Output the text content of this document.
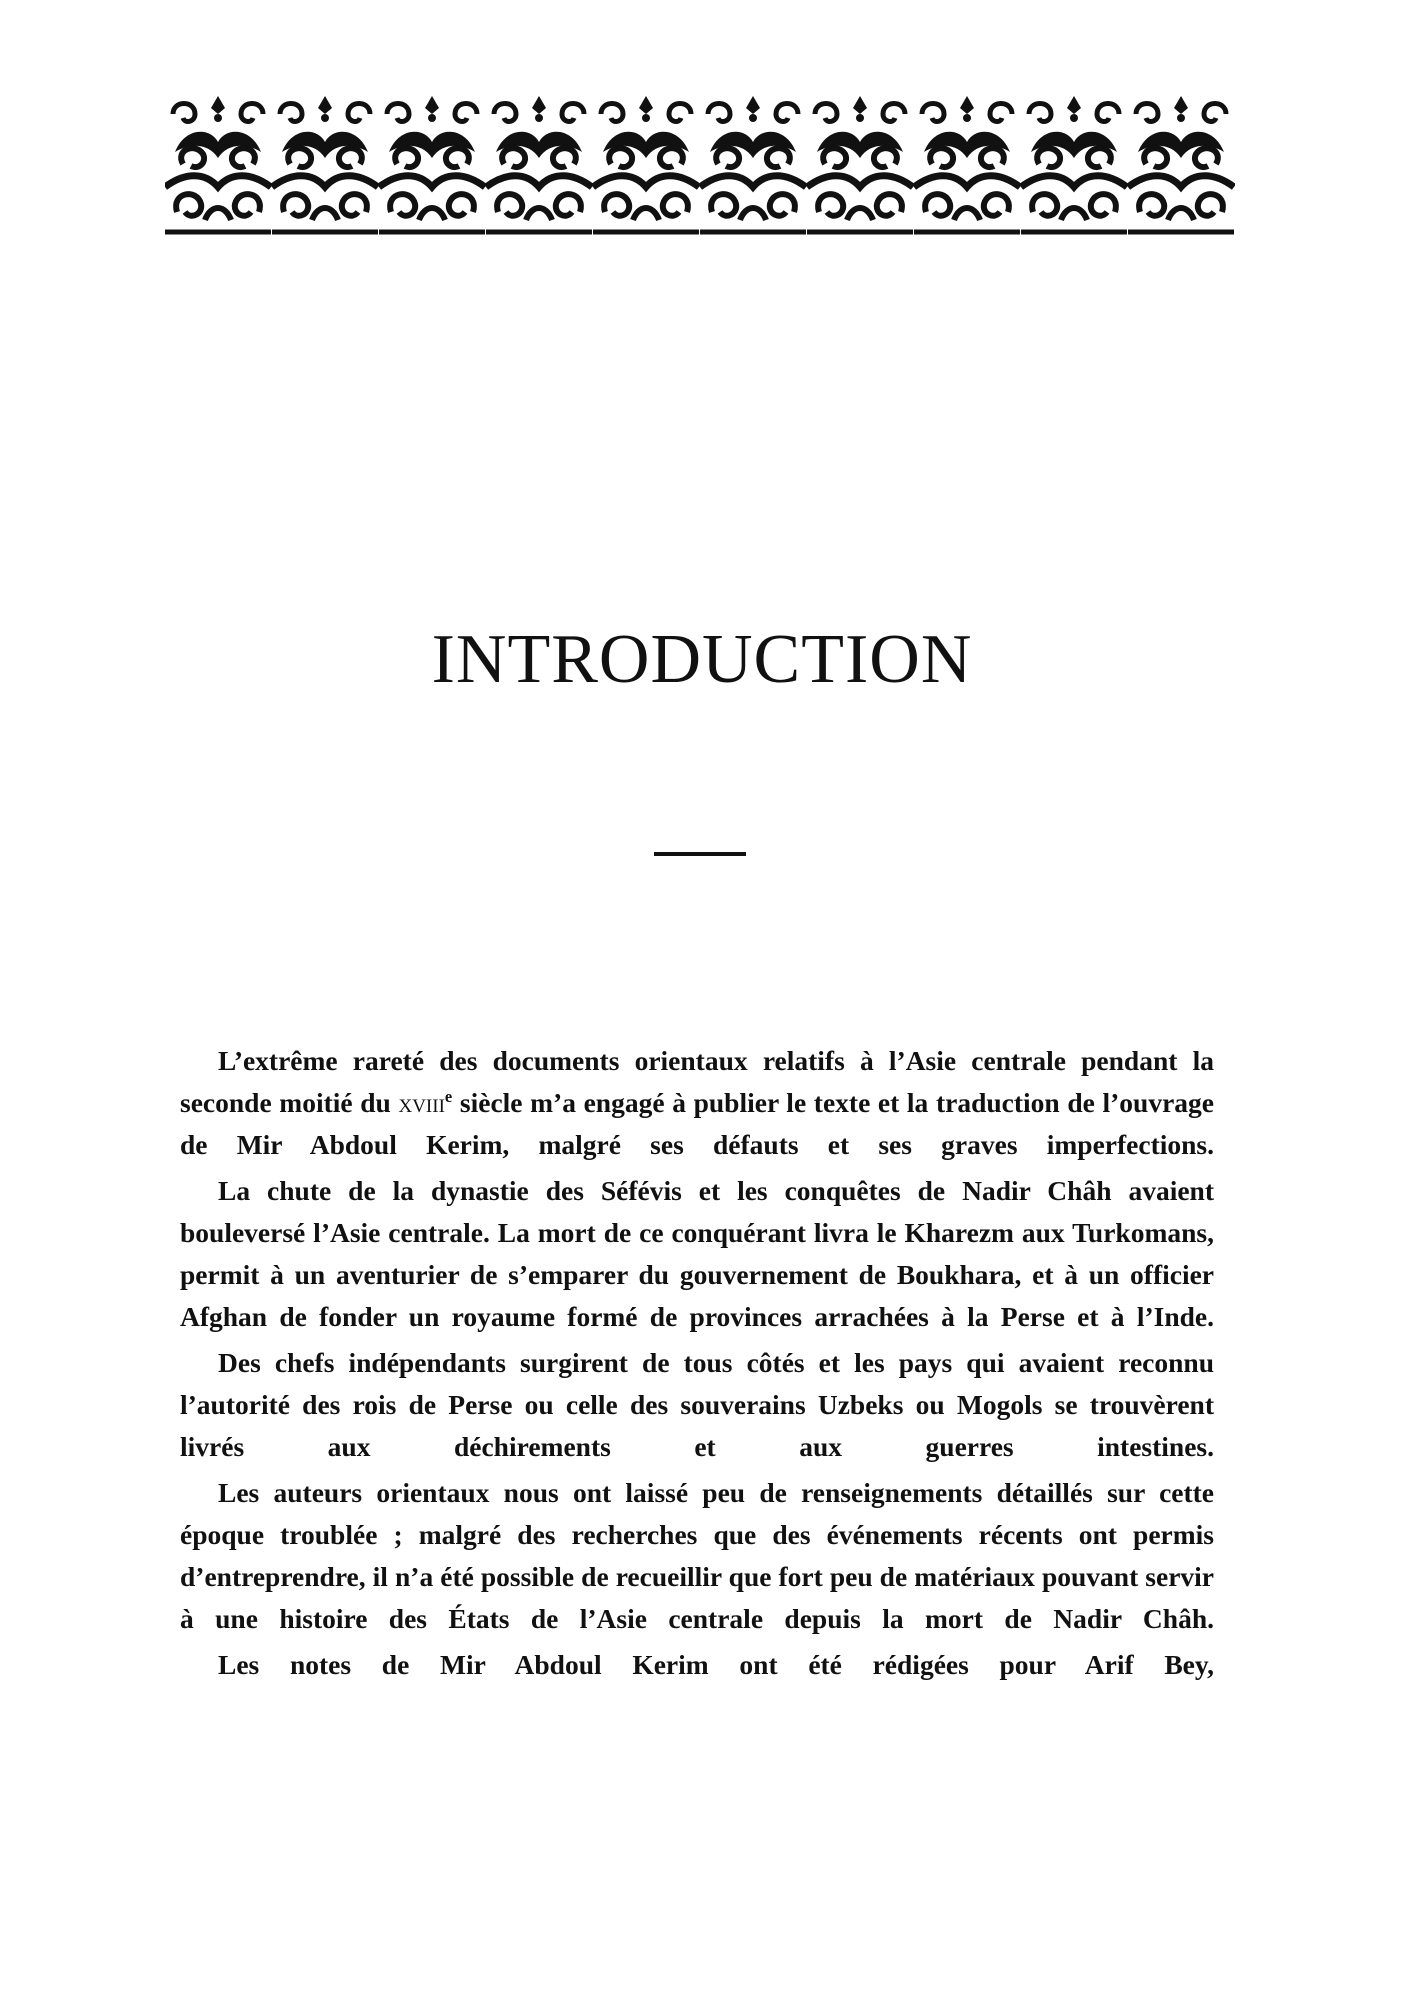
INTRODUCTION

L’extrême rareté des documents orientaux relatifs à l’Asie centrale pendant la seconde moitié du xviii$^e$ siècle m’a engagé à publier le texte et la traduction de l’ouvrage de Mir Abdoul Kerim, malgré ses défauts et ses graves imperfections.

La chute de la dynastie des Séfévis et les conquêtes de Nadir Châh avaient bouleversé l’Asie centrale. La mort de ce conquérant livra le Kharezm aux Turkomans, permit à un aventurier de s’emparer du gouvernement de Boukhara, et à un officier Afghan de fonder un royaume formé de provinces arrachées à la Perse et à l’Inde.

Des chefs indépendants surgirent de tous côtés et les pays qui avaient reconnu l’autorité des rois de Perse ou celle des souverains Uzbeks ou Mogols se trouvèrent livrés aux déchirements et aux guerres intestines.

Les auteurs orientaux nous ont laissé peu de renseignements détaillés sur cette époque troublée ; malgré des recherches que des événements récents ont permis d’entreprendre, il n’a été possible de recueillir que fort peu de matériaux pouvant servir à une histoire des États de l’Asie centrale depuis la mort de Nadir Châh.

Les notes de Mir Abdoul Kerim ont été rédigées pour Arif Bey,
